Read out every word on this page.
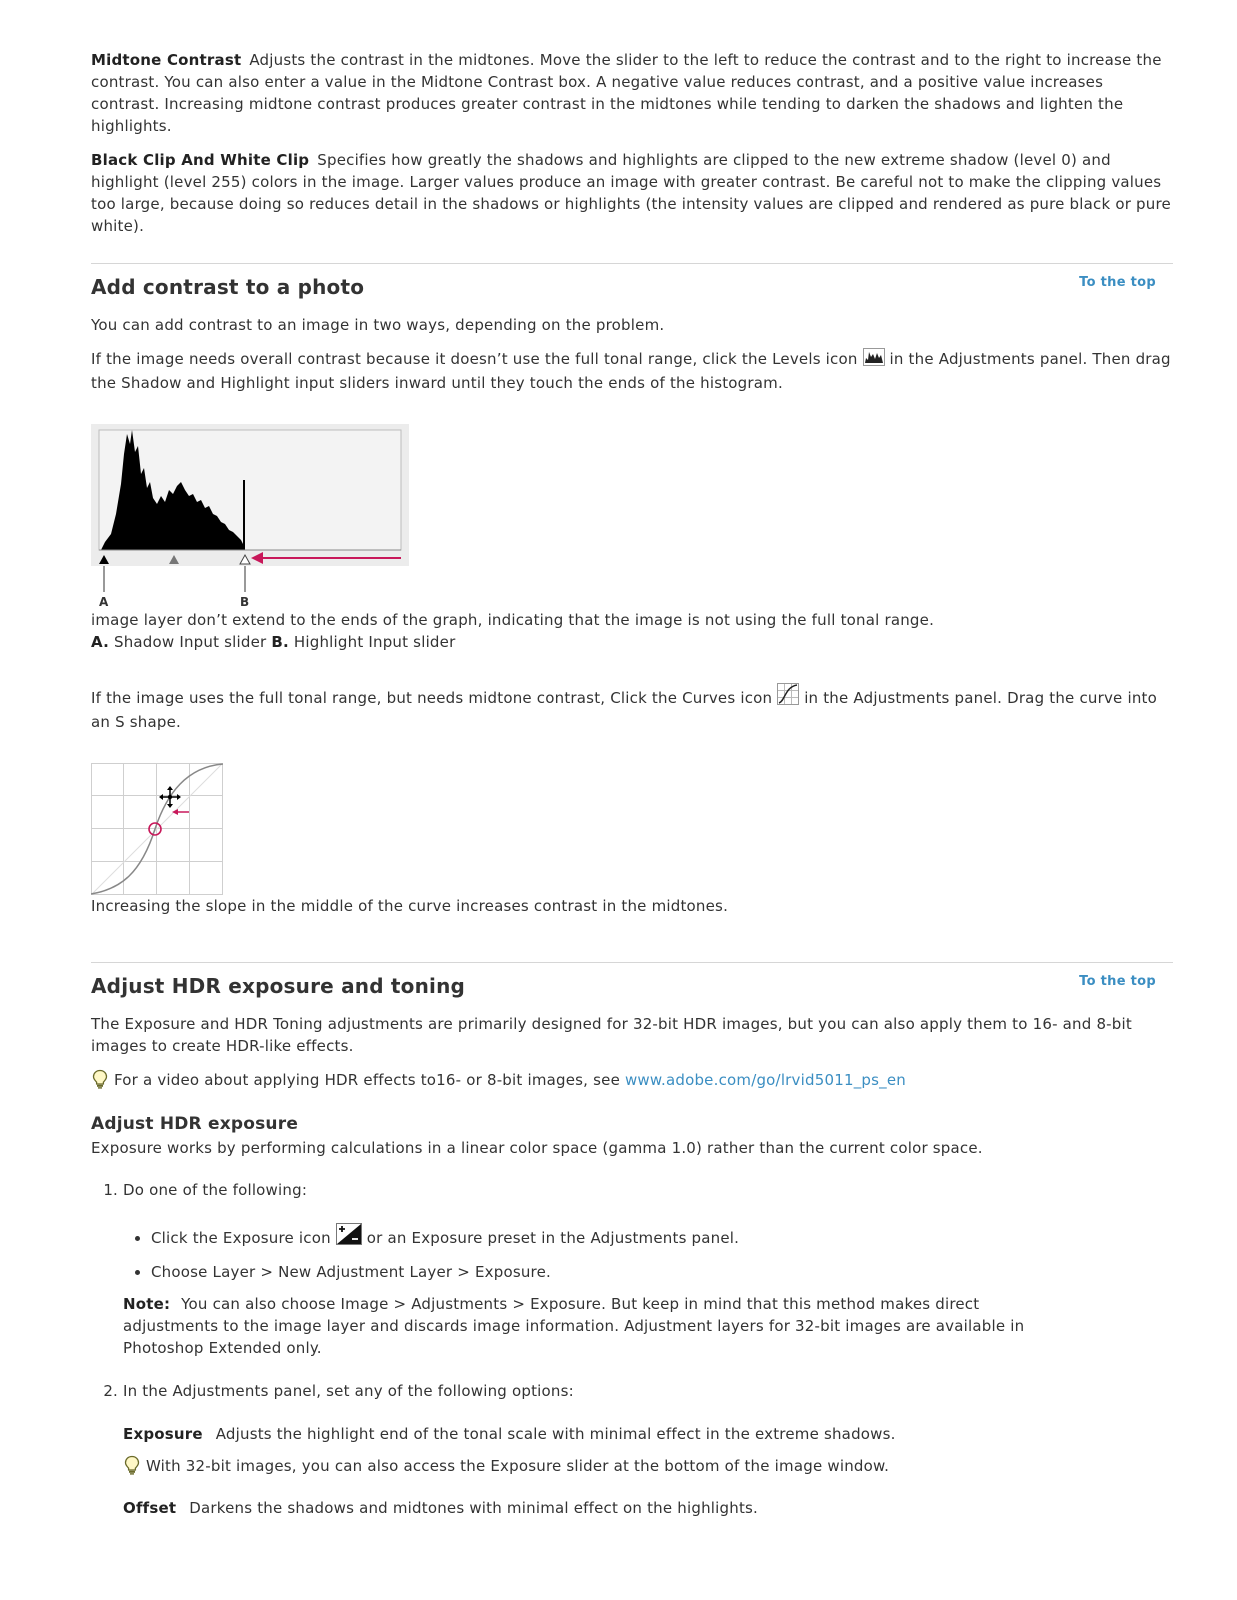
Midtone Contrast Adjusts the contrast in the midtones. Move the slider to the left to reduce the contrast and to the right to increase the contrast. You can also enter a value in the Midtone Contrast box. A negative value reduces contrast, and a positive value increases contrast. Increasing midtone contrast produces greater contrast in the midtones while tending to darken the shadows and lighten the highlights.

Black Clip And White Clip Specifies how greatly the shadows and highlights are clipped to the new extreme shadow (level 0) and highlight (level 255) colors in the image. Larger values produce an image with greater contrast. Be careful not to make the clipping values too large, because doing so reduces detail in the shadows or highlights (the intensity values are clipped and rendered as pure black or pure white).

Add contrast to a photo	To the top

You can add contrast to an image in two ways, depending on the problem.

If the image needs overall contrast because it doesn’t use the full tonal range, click the Levels icon in the Adjustments panel. Then drag the Shadow and Highlight input sliders inward until they touch the ends of the histogram.

A	B

image layer don’t extend to the ends of the graph, indicating that the image is not using the full tonal range.

A. Shadow Input slider B. Highlight Input slider

If the image uses the full tonal range, but needs midtone contrast, Click the Curves icon in the Adjustments panel. Drag the curve into an S shape.

Increasing the slope in the middle of the curve increases contrast in the midtones.

Adjust HDR exposure and toning	To the top

The Exposure and HDR Toning adjustments are primarily designed for 32-bit HDR images, but you can also apply them to 16- and 8-bit images to create HDR-like effects.

For a video about applying HDR effects to16- or 8-bit images, see www.adobe.com/go/lrvid5011_ps_en

Adjust HDR exposure

Exposure works by performing calculations in a linear color space (gamma 1.0) rather than the current color space.

1. Do one of the following:
• Click the Exposure icon or an Exposure preset in the Adjustments panel.
• Choose Layer > New Adjustment Layer > Exposure.

Note: You can also choose Image > Adjustments > Exposure. But keep in mind that this method makes direct adjustments to the image layer and discards image information. Adjustment layers for 32-bit images are available in Photoshop Extended only.

2. In the Adjustments panel, set any of the following options:

Exposure Adjusts the highlight end of the tonal scale with minimal effect in the extreme shadows.

With 32-bit images, you can also access the Exposure slider at the bottom of the image window.

Offset Darkens the shadows and midtones with minimal effect on the highlights.
